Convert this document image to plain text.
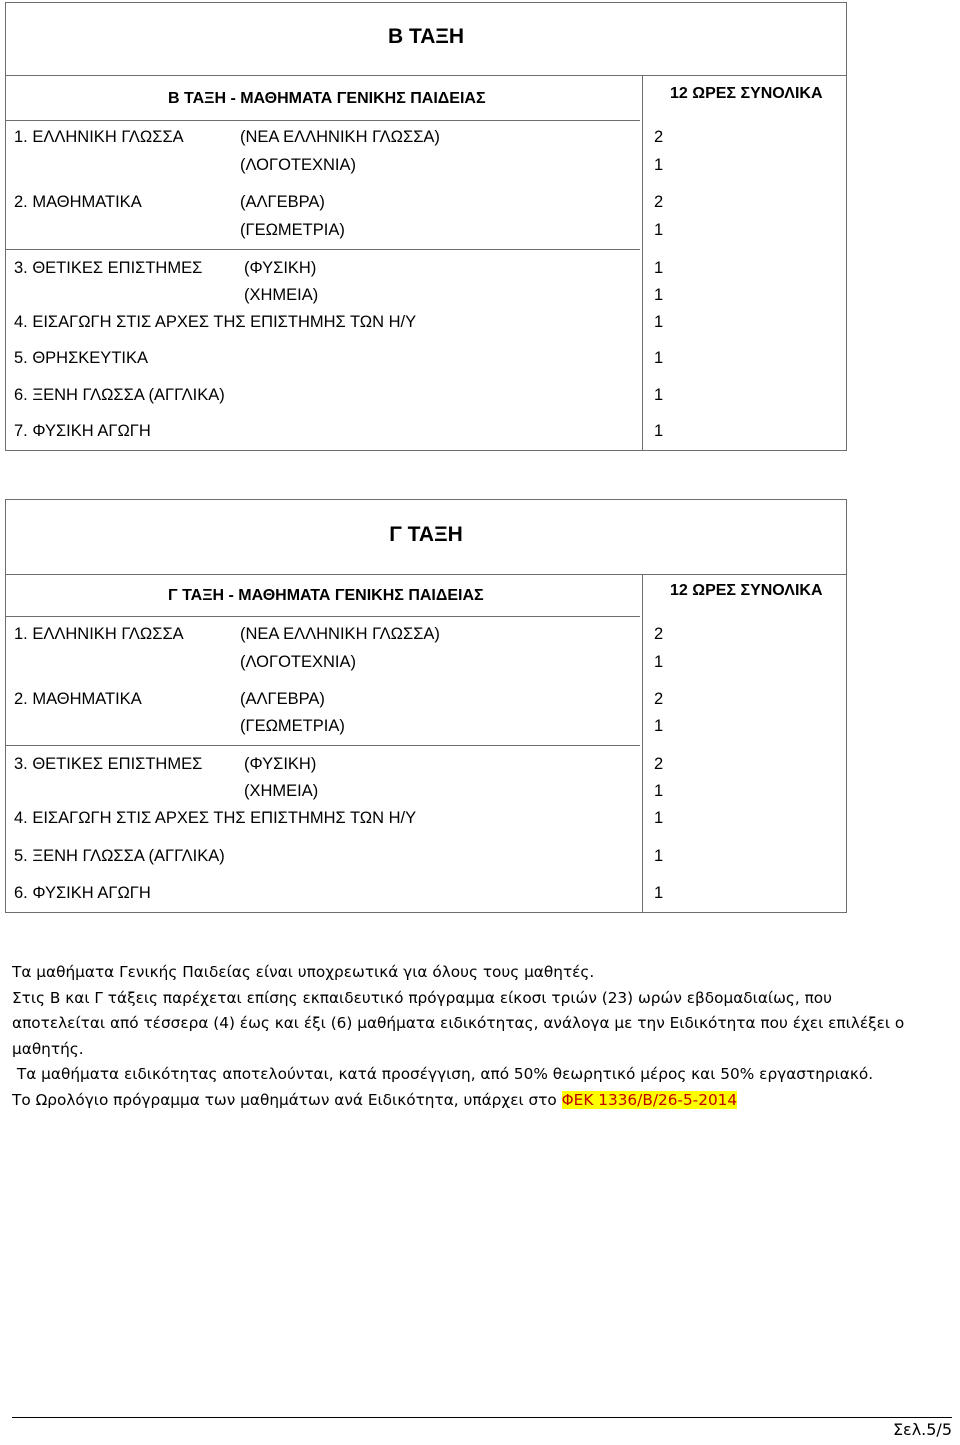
Β ΤΑΞΗ
Β ΤΑΞΗ - ΜΑΘΗΜΑΤΑ ΓΕΝΙΚΗΣ ΠΑΙΔΕΙΑΣ	12 ΩΡΕΣ ΣΥΝΟΛΙΚΑ
1. ΕΛΛΗΝΙΚΗ ΓΛΩΣΣΑ	(ΝΕΑ ΕΛΛΗΝΙΚΗ ΓΛΩΣΣΑ)	2
(ΛΟΓΟΤΕΧΝΙΑ)	1
2. ΜΑΘΗΜΑΤΙΚΑ	(ΑΛΓΕΒΡΑ)	2
(ΓΕΩΜΕΤΡΙΑ)	1
3. ΘΕΤΙΚΕΣ ΕΠΙΣΤΗΜΕΣ	(ΦΥΣΙΚΗ)	1
(ΧΗΜΕΙΑ)	1
4. ΕΙΣΑΓΩΓΗ ΣΤΙΣ ΑΡΧΕΣ ΤΗΣ ΕΠΙΣΤΗΜΗΣ ΤΩΝ Η/Υ	1
5. ΘΡΗΣΚΕΥΤΙΚΑ	1
6. ΞΕΝΗ ΓΛΩΣΣΑ (ΑΓΓΛΙΚΑ)	1
7. ΦΥΣΙΚΗ ΑΓΩΓΗ	1
Γ ΤΑΞΗ
Γ ΤΑΞΗ - ΜΑΘΗΜΑΤΑ ΓΕΝΙΚΗΣ ΠΑΙΔΕΙΑΣ	12 ΩΡΕΣ ΣΥΝΟΛΙΚΑ
1. ΕΛΛΗΝΙΚΗ ΓΛΩΣΣΑ	(ΝΕΑ ΕΛΛΗΝΙΚΗ ΓΛΩΣΣΑ)	2
(ΛΟΓΟΤΕΧΝΙΑ)	1
2. ΜΑΘΗΜΑΤΙΚΑ	(ΑΛΓΕΒΡΑ)	2
(ΓΕΩΜΕΤΡΙΑ)	1
3. ΘΕΤΙΚΕΣ ΕΠΙΣΤΗΜΕΣ	(ΦΥΣΙΚΗ)	2
(ΧΗΜΕΙΑ)	1
4. ΕΙΣΑΓΩΓΗ ΣΤΙΣ ΑΡΧΕΣ ΤΗΣ ΕΠΙΣΤΗΜΗΣ ΤΩΝ Η/Υ	1
5. ΞΕΝΗ ΓΛΩΣΣΑ (ΑΓΓΛΙΚΑ)	1
6. ΦΥΣΙΚΗ ΑΓΩΓΗ	1

Τα μαθήματα Γενικής Παιδείας είναι υποχρεωτικά για όλους τους μαθητές.

Στις Β και Γ τάξεις παρέχεται επίσης εκπαιδευτικό πρόγραμμα είκοσι τριών (23) ωρών εβδομαδιαίως, που αποτελείται από τέσσερα (4) έως και έξι (6) μαθήματα ειδικότητας, ανάλογα με την Ειδικότητα που έχει επιλέξει ο μαθητής.

Τα μαθήματα ειδικότητας αποτελούνται, κατά προσέγγιση, από 50% θεωρητικό μέρος και 50% εργαστηριακό.

Το Ωρολόγιο πρόγραμμα των μαθημάτων ανά Ειδικότητα, υπάρχει στο ΦΕΚ 1336/Β/26-5-2014

Σελ.5/5
